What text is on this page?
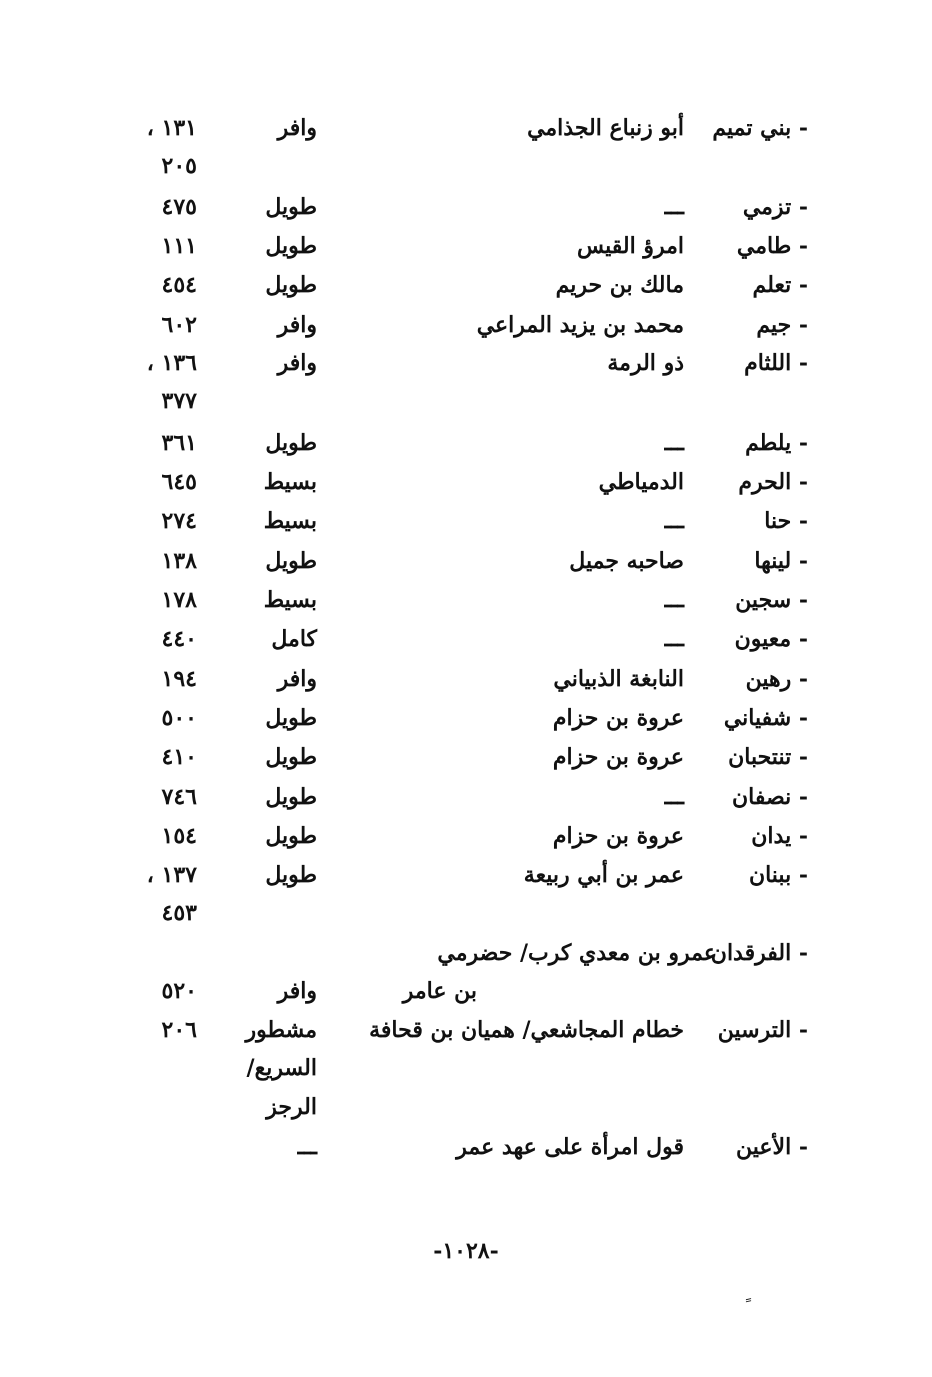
- بني تميم
أبو زنباع الجذامي
وافر
١٣١ ،
٢٠٥
- تزمي
ـــ
طويل
٤٧٥
- طامي
امرؤ القيس
طويل
١١١
- تعلم
مالك بن حريم
طويل
٤٥٤
- جيم
محمد بن يزيد المراعي
وافر
٦٠٢
- اللثام
ذو الرمة
وافر
١٣٦ ،
٣٧٧
- يلطم
ـــ
طويل
٣٦١
- الحرم
الدمياطي
بسيط
٦٤٥
- حنا
ـــ
بسيط
٢٧٤
- لينها
صاحبه جميل
طويل
١٣٨
- سجين
ـــ
بسيط
١٧٨
- معيون
ـــ
كامل
٤٤٠
- رهين
النابغة الذبياني
وافر
١٩٤
- شفياني
عروة بن حزام
طويل
٥٠٠
- تنتحبان
عروة بن حزام
طويل
٤١٠
- نصفان
ـــ
طويل
٧٤٦
- يدان
عروة بن حزام
طويل
١٥٤
- ببنان
عمر بن أبي ربيعة
طويل
١٣٧ ،
٤٥٣
- الفرقدان
عمرو بن معدي كرب/ حضرمي
بن عامر
وافر
٥٢٠
- الترسين
خطام المجاشعي/ هميان بن قحافة
مشطور
السريع/
الرجز
٢٠٦
- الأعين
قول امرأة على عهد عمر
ـــ
-١٠٢٨-
